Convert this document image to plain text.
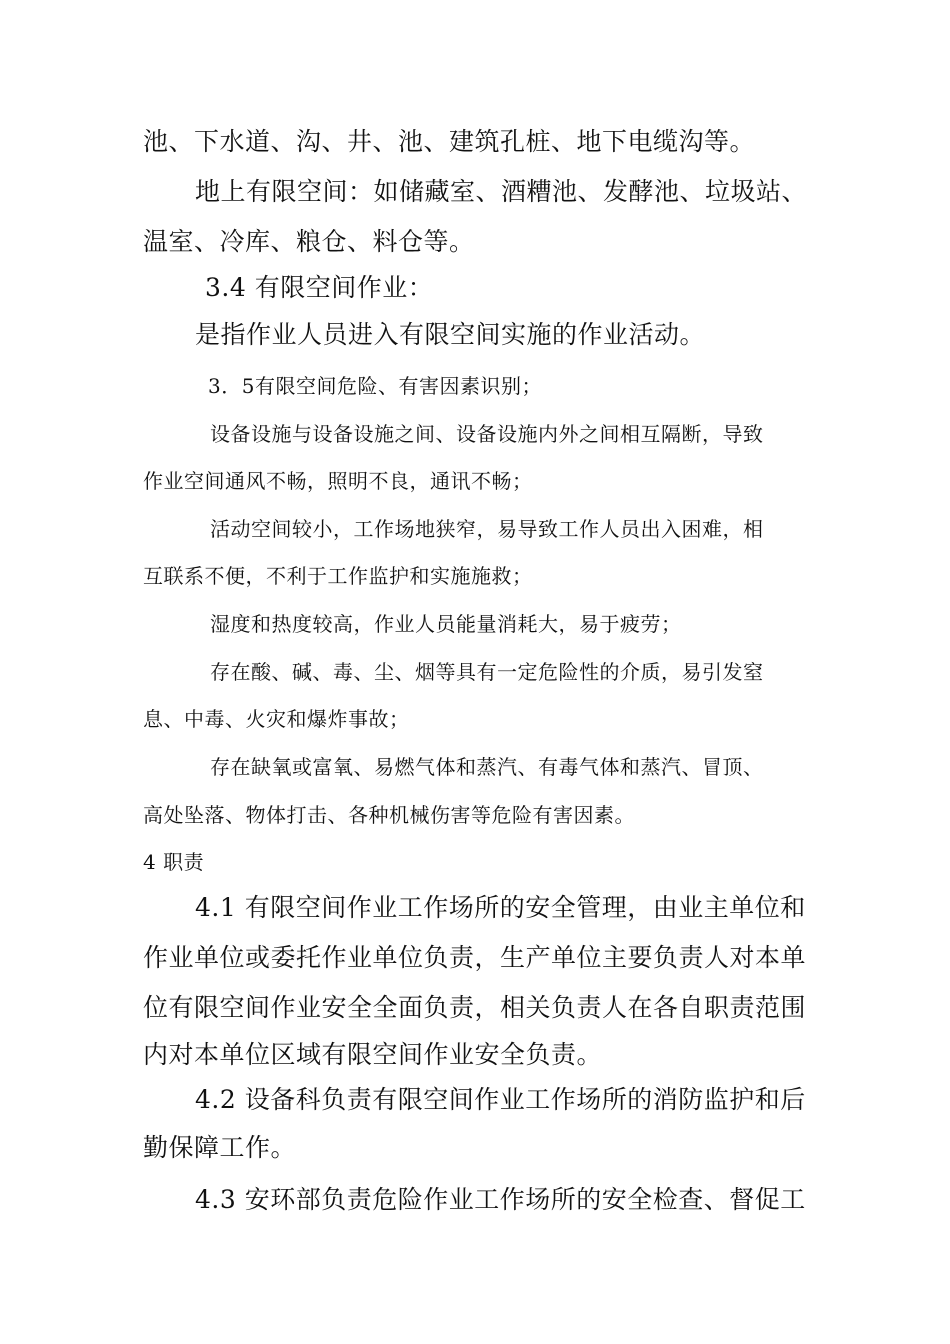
池、下水道、沟、井、池、建筑孔桩、地下电缆沟等。
地上有限空间：如储藏室、酒糟池、发酵池、垃圾站、
温室、冷库、粮仓、料仓等。
3.4 有限空间作业：
是指作业人员进入有限空间实施的作业活动。
3．5有限空间危险、有害因素识别；
设备设施与设备设施之间、设备设施内外之间相互隔断，导致
作业空间通风不畅，照明不良，通讯不畅；
活动空间较小，工作场地狭窄，易导致工作人员出入困难，相
互联系不便，不利于工作监护和实施施救；
湿度和热度较高，作业人员能量消耗大，易于疲劳；
存在酸、碱、毒、尘、烟等具有一定危险性的介质，易引发窒
息、中毒、火灾和爆炸事故；
存在缺氧或富氧、易燃气体和蒸汽、有毒气体和蒸汽、冒顶、
高处坠落、物体打击、各种机械伤害等危险有害因素。
4 职责
4.1 有限空间作业工作场所的安全管理，由业主单位和
作业单位或委托作业单位负责，生产单位主要负责人对本单
位有限空间作业安全全面负责，相关负责人在各自职责范围
内对本单位区域有限空间作业安全负责。
4.2 设备科负责有限空间作业工作场所的消防监护和后
勤保障工作。
4.3 安环部负责危险作业工作场所的安全检查、督促工
